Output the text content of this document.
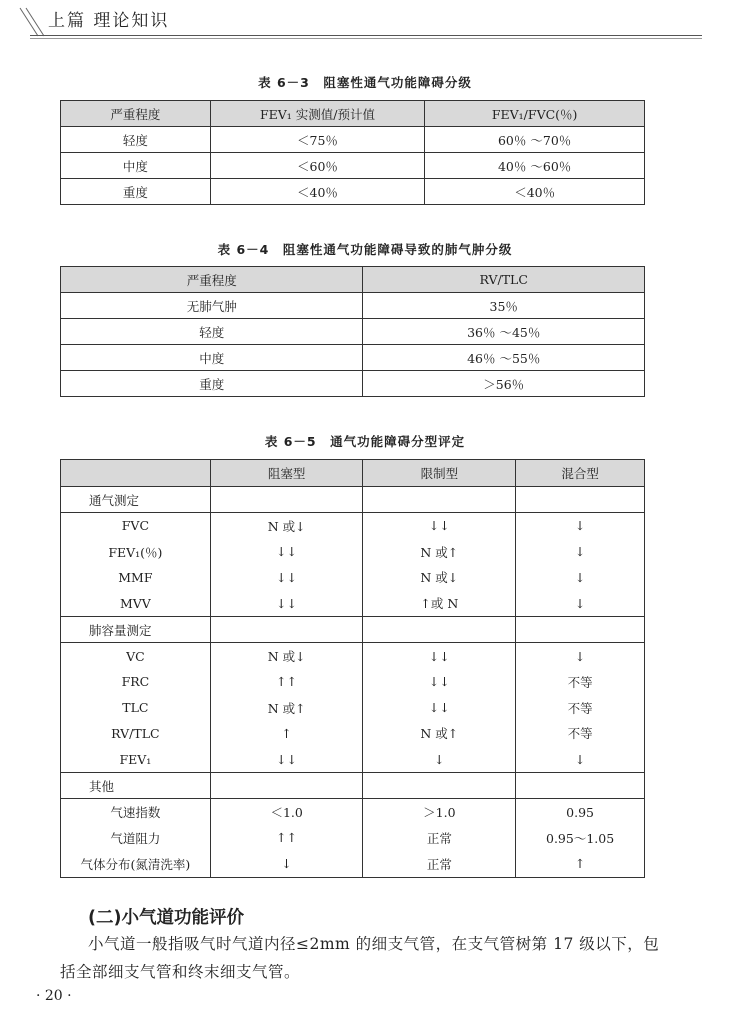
上篇 理论知识
表 6－3　阻塞性通气功能障碍分级
严重程度	FEV₁ 实测值/预计值	FEV₁/FVC(％)
轻度	＜75％	60％ ～70％
中度	＜60％	40％ ～60％
重度	＜40％	＜40％
表 6－4　阻塞性通气功能障碍导致的肺气肿分级
严重程度	RV/TLC
无肺气肿	35％
轻度	36％ ～45％
中度	46％ ～55％
重度	＞56％
表 6－5　通气功能障碍分型评定
	阻塞型	限制型	混合型
通气测定			
FVC	N 或↓	↓↓	↓
FEV₁(％)	↓↓	N 或↑	↓
MMF	↓↓	N 或↓	↓
MVV	↓↓	↑或 N	↓
肺容量测定			
VC	N 或↓	↓↓	↓
FRC	↑↑	↓↓	不等
TLC	N 或↑	↓↓	不等
RV/TLC	↑	N 或↑	不等
FEV₁	↓↓	↓	↓
其他			
气速指数	＜1.0	＞1.0	0.95
气道阻力	↑↑	正常	0.95～1.05
气体分布(氮清洗率)	↓	正常	↑
(二)小气道功能评价
小气道一般指吸气时气道内径≤2mm 的细支气管，在支气管树第 17 级以下，包括全部细支气管和终末细支气管。
· 20 ·
